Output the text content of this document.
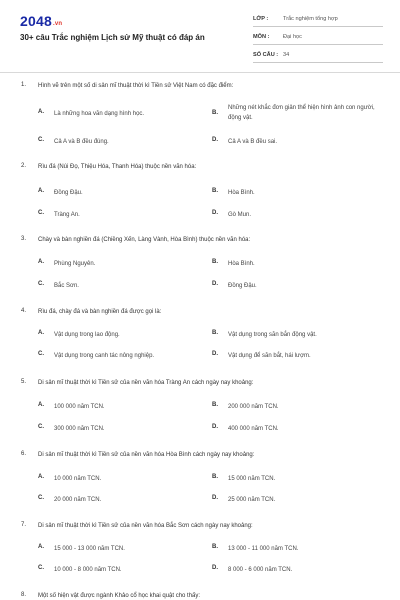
2048.vn
30+ câu Trắc nghiệm Lịch sử Mỹ thuật có đáp án
LỚP :	Trắc nghiệm tổng hợp
MÔN : Đại học
SỐ CÂU : 34
1. Hình vẽ trên một số di sản mĩ thuật thời kì Tiền sử Việt Nam có đặc điểm:
A. Là những hoa văn dạng hình học.	B.
Những nét khắc đơn giản thể hiện hình ảnh con người, động vật.
C. Cả A và B đều đúng.	D. Cả A và B đều sai.
2. Rìu đá (Núi Đọ, Thiệu Hóa, Thanh Hóa) thuộc nền văn hóa:
A. Đồng Đậu.	B. Hòa Bình.
C. Tràng An.	D. Gò Mun.
3. Chày và bàn nghiền đá (Chiềng Xến, Làng Vành, Hòa Bình) thuộc nền văn hóa:
A. Phùng Nguyên.	B. Hòa Bình.
C. Bắc Sơn.	D. Đồng Đậu.
4. Rìu đá, chày đá và bàn nghiền đá được gọi là:
A. Vật dụng trong lao động.	B. Vật dụng trong săn bắn động vật.
C. Vật dụng trong canh tác nông nghiệp.	D. Vật dụng để săn bắt, hái lượm.
5. Di sản mĩ thuật thời kì Tiền sử của nền văn hóa Tràng An cách ngày nay khoảng:
A. 100 000 năm TCN.	B. 200 000 năm TCN.
C. 300 000 năm TCN.	D. 400 000 năm TCN.
6. Di sản mĩ thuật thời kì Tiền sử của nền văn hóa Hòa Bình cách ngày nay khoảng:
A. 10 000 năm TCN.	B. 15 000 năm TCN.
C. 20 000 năm TCN.	D. 25 000 năm TCN.
7. Di sản mĩ thuật thời kì Tiền sử của nền văn hóa Bắc Sơn cách ngày nay khoảng:
A. 15 000 - 13 000 năm TCN.	B. 13 000 - 11 000 năm TCN.
C. 10 000 - 8 000 năm TCN.	D. 8 000 - 6 000 năm TCN.
8. Một số hiện vật được ngành Khảo cổ học khai quật cho thấy:
